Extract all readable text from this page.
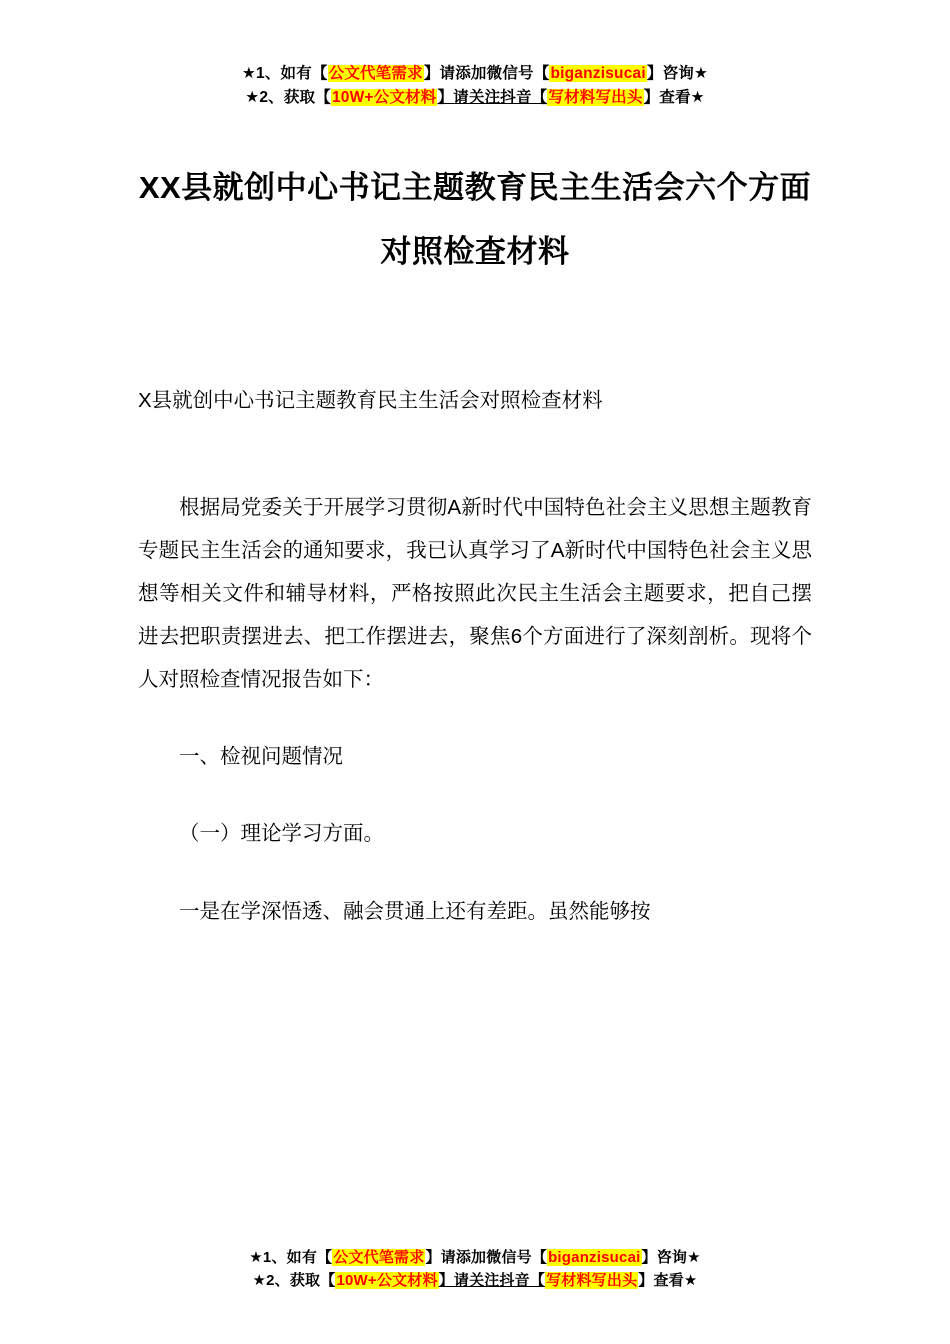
★1、如有【公文代笔需求】请添加微信号【biganzisucai】咨询★
★2、获取【10W+公文材料】请关注抖音【写材料写出头】查看★
XX县就创中心书记主题教育民主生活会六个方面对照检查材料

X县就创中心书记主题教育民主生活会对照检查材料

根据局党委关于开展学习贯彻A新时代中国特色社会主义思想主题教育专题民主生活会的通知要求，我已认真学习了A新时代中国特色社会主义思想等相关文件和辅导材料，严格按照此次民主生活会主题要求，把自己摆进去把职责摆进去、把工作摆进去，聚焦6个方面进行了深刻剖析。现将个人对照检查情况报告如下：

一、检视问题情况

（一）理论学习方面。

一是在学深悟透、融会贯通上还有差距。虽然能够按

★1、如有【公文代笔需求】请添加微信号【biganzisucai】咨询★
★2、获取【10W+公文材料】请关注抖音【写材料写出头】查看★
